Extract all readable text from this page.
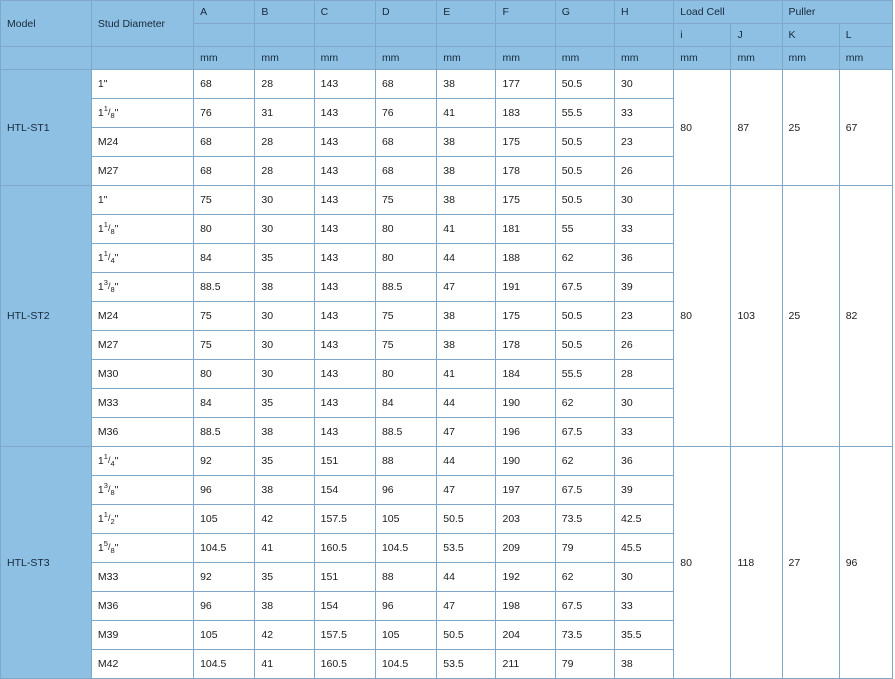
Model	Stud Diameter	A	B	C	D	E	F	G	H	Load Cell		Puller	
										i	J	K	L
		mm	mm	mm	mm	mm	mm	mm	mm	mm	mm	mm	mm
HTL-ST1	1"	68	28	143	68	38	177	50.5	30	80	87	25	67
	$1^1/_8$"	76	31	143	76	41	183	55.5	33				
	M24	68	28	143	68	38	175	50.5	23				
	M27	68	28	143	68	38	178	50.5	26				
HTL-ST2	1"	75	30	143	75	38	175	50.5	30	80	103	25	82
	$1^1/_8$"	80	30	143	80	41	181	55	33				
	$1^1/_4$"	84	35	143	80	44	188	62	36				
	$1^3/_8$"	88.5	38	143	88.5	47	191	67.5	39				
	M24	75	30	143	75	38	175	50.5	23				
	M27	75	30	143	75	38	178	50.5	26				
	M30	80	30	143	80	41	184	55.5	28				
	M33	84	35	143	84	44	190	62	30				
	M36	88.5	38	143	88.5	47	196	67.5	33				
HTL-ST3	$1^1/_4$"	92	35	151	88	44	190	62	36	80	118	27	96
	$1^3/_8$"	96	38	154	96	47	197	67.5	39				
	$1^1/_2$"	105	42	157.5	105	50.5	203	73.5	42.5				
	$1^5/_8$"	104.5	41	160.5	104.5	53.5	209	79	45.5				
	M33	92	35	151	88	44	192	62	30				
	M36	96	38	154	96	47	198	67.5	33				
	M39	105	42	157.5	105	50.5	204	73.5	35.5				
	M42	104.5	41	160.5	104.5	53.5	211	79	38				
